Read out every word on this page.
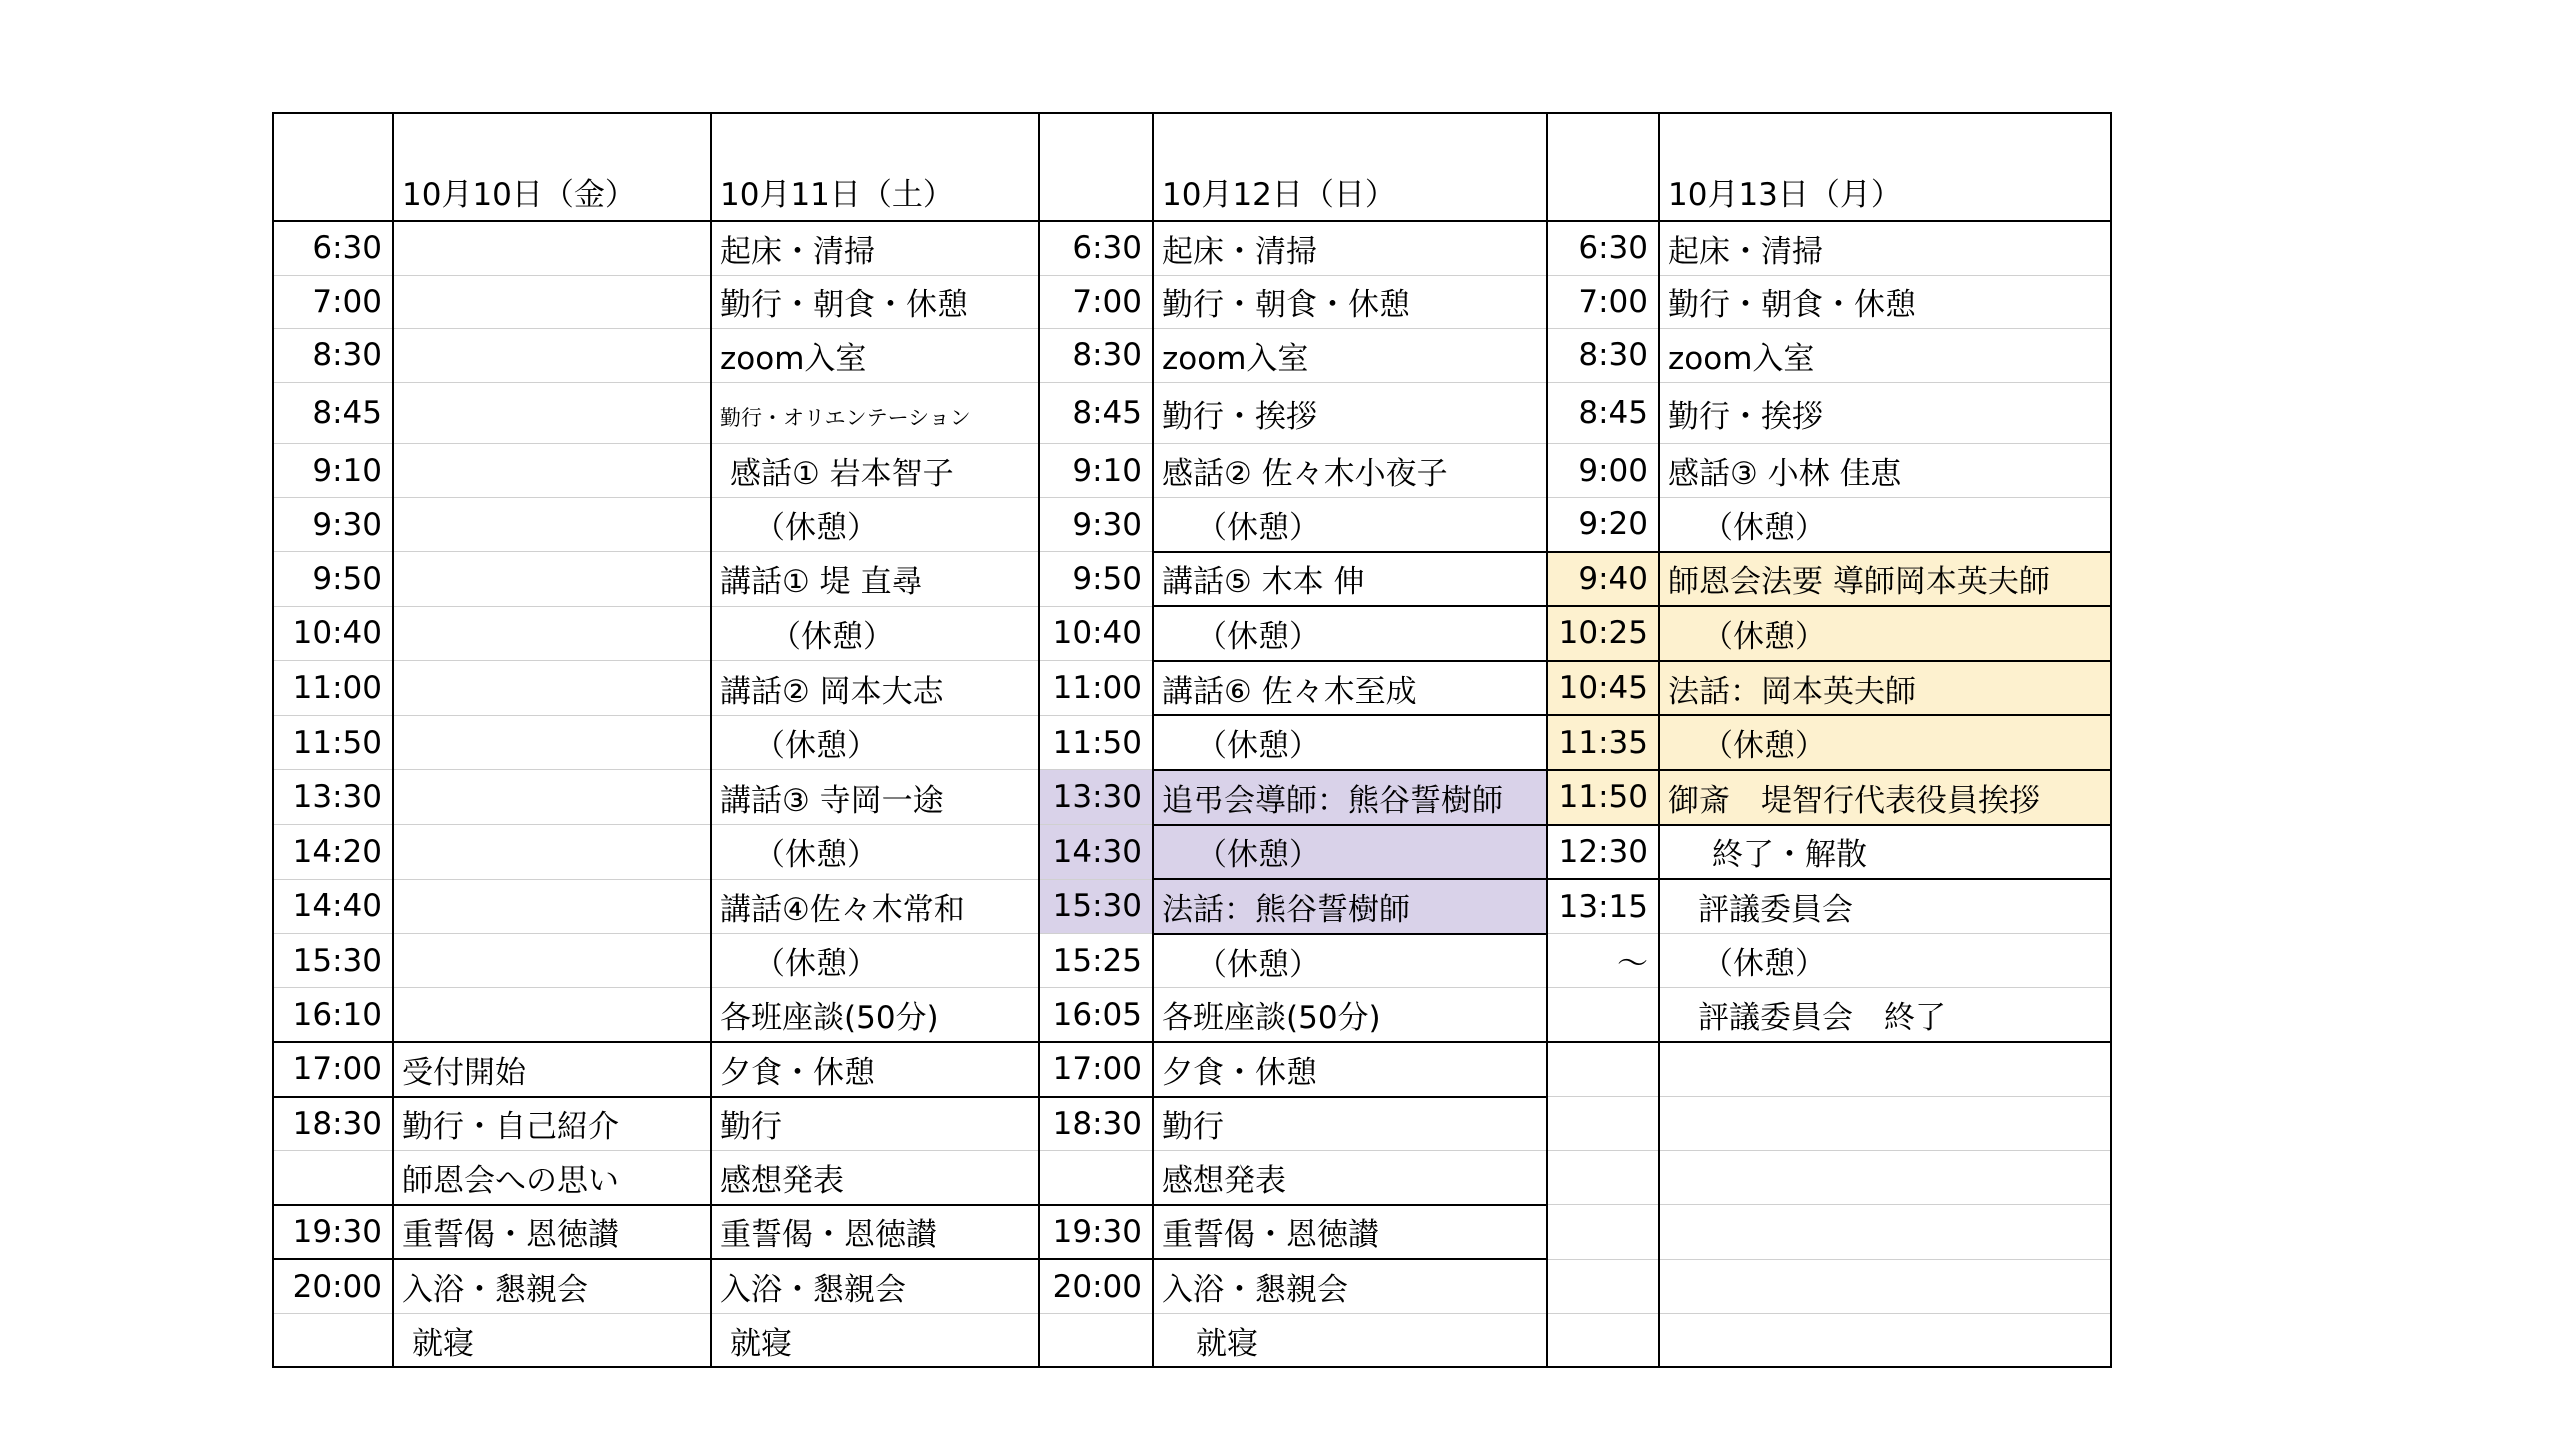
	10月10日（金）	10月11日（土）		10月12日（日）		10月13日（月）
6:30		起床・清掃	6:30	起床・清掃	6:30	起床・清掃
7:00		勤行・朝食・休憩	7:00	勤行・朝食・休憩	7:00	勤行・朝食・休憩
8:30		zoom入室	8:30	zoom入室	8:30	zoom入室
8:45		勤行・オリエンテーション	8:45	勤行・挨拶	8:45	勤行・挨拶
9:10		感話① 岩本智子	9:10	感話② 佐々木小夜子	9:00	感話③ 小林 佳恵
9:30		（休憩）	9:30	（休憩）	9:20	（休憩）
9:50		講話① 堤 直尋	9:50	講話⑤ 木本 伸	9:40	師恩会法要 導師岡本英夫師
10:40		（休憩）	10:40	（休憩）	10:25	（休憩）
11:00		講話② 岡本大志	11:00	講話⑥ 佐々木至成	10:45	法話：岡本英夫師
11:50		（休憩）	11:50	（休憩）	11:35	（休憩）
13:30		講話③ 寺岡一途	13:30	追弔会導師：熊谷誓樹師	11:50	御斎　堤智行代表役員挨拶
14:20		（休憩）	14:30	（休憩）	12:30	終了・解散
14:40		講話④佐々木常和	15:30	法話：熊谷誓樹師	13:15	評議委員会
15:30		（休憩）	15:25	（休憩）	～	（休憩）
16:10		各班座談(50分)	16:05	各班座談(50分)		評議委員会　終了
17:00	受付開始	夕食・休憩	17:00	夕食・休憩		
18:30	勤行・自己紹介	勤行	18:30	勤行		
	師恩会への思い	感想発表		感想発表		
19:30	重誓偈・恩徳讃	重誓偈・恩徳讃	19:30	重誓偈・恩徳讃		
20:00	入浴・懇親会	入浴・懇親会	20:00	入浴・懇親会		
	就寝	就寝		就寝		
